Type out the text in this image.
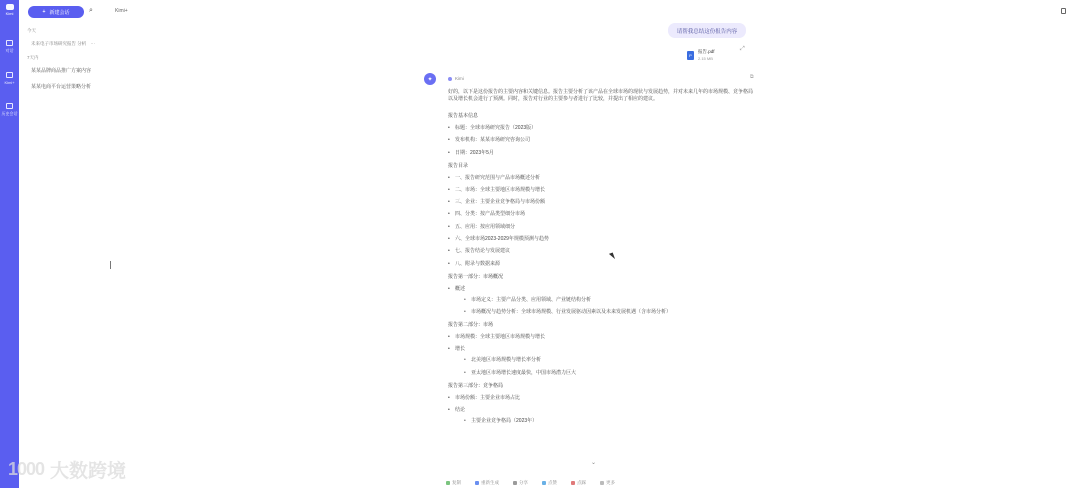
Kimi
对话
Kimi+
历史会话
+ 新建会话	⌕
今天
未来电子市场研究报告 分析 ⋯
7天内
某某品牌商品推广方案内容
某某电商平台运营策略分析
Kimi+
请帮我总结这份报告内容
P
报告.pdf
2.15 MB
⤢
✦	Kimi	⧉

好的，以下是这份报告的主要内容和关键信息。报告主要分析了该产品在全球市场的现状与发展趋势，并对未来几年的市场规模、竞争格局以及增长机会进行了预测。同时，报告对行业的主要参与者进行了比较，并提出了相应的建议。

报告基本信息
• 标题：全球市场研究报告（2023版）
• 发布机构：某某市场研究咨询公司
• 日期：2023年5月
报告目录
• 一、报告研究范围与产品市场概述分析
• 二、市场：全球主要地区市场规模与增长
• 三、企业：主要企业竞争格局与市场份额
• 四、分类：按产品类型细分市场
• 五、应用：按应用领域细分
• 六、全球市场2023-2029年规模预测与趋势
• 七、报告结论与发展建议
• 八、附录与数据来源
报告第一部分：市场概况
• 概述
• 市场定义：主要产品分类、应用领域、产业链结构分析
• 市场概况与趋势分析：全球市场规模、行业发展驱动因素以及未来发展机遇（含市场分析）
报告第二部分：市场
• 市场规模：全球主要地区市场规模与增长
• 增长
• 北美地区市场规模与增长率分析
• 亚太地区市场增长速度最快，中国市场潜力巨大
报告第三部分：竞争格局
• 市场份额：主要企业市场占比
• 结论
• 主要企业竞争格局（2023年）
⌄
复制	重新生成	分享	点赞	点踩	更多
1000 大数跨境
